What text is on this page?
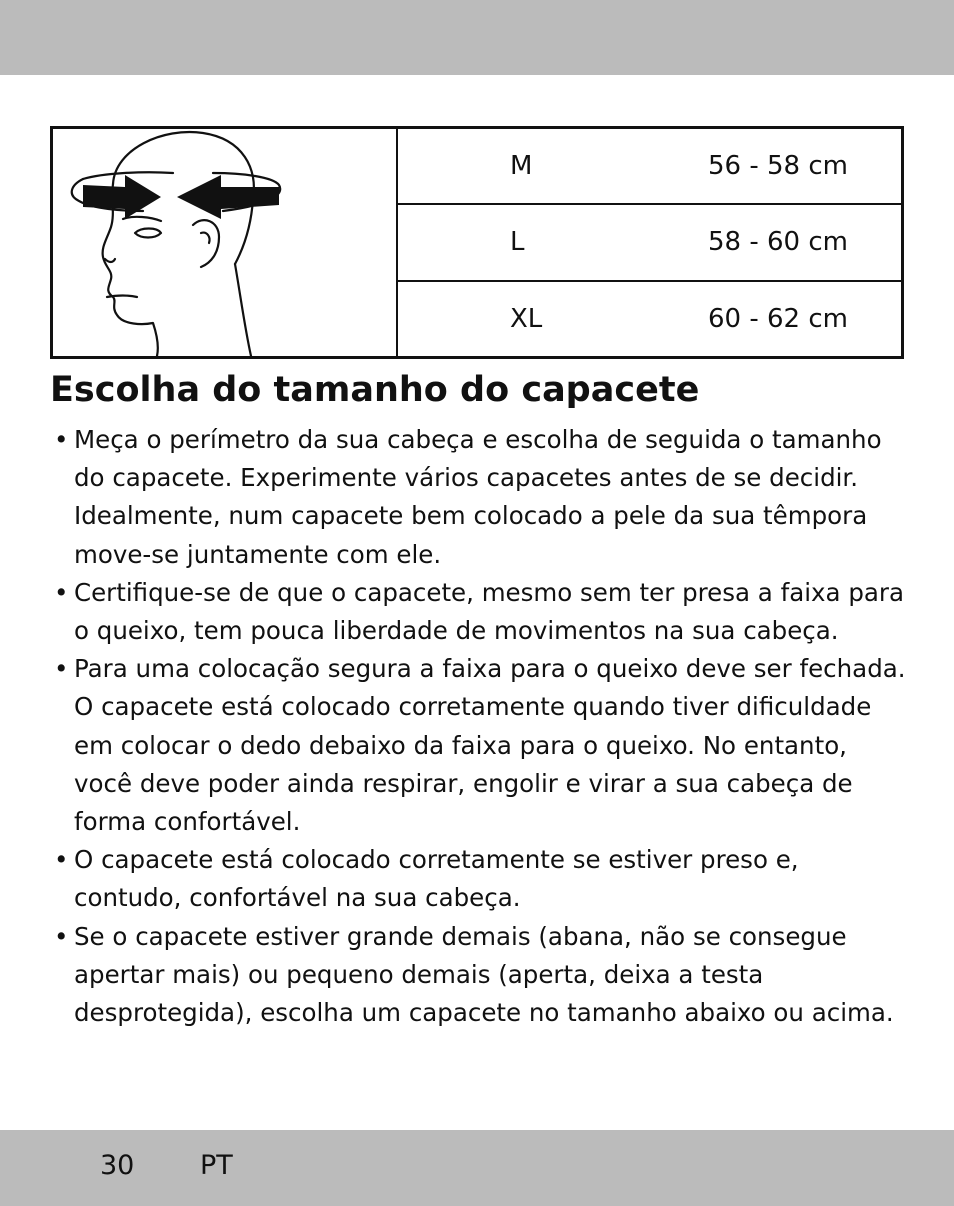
M	56 - 58 cm
L	58 - 60 cm
XL	60 - 62 cm
Escolha do tamanho do capacete
• Meça o perímetro da sua cabeça e escolha de seguida o tamanho do capacete. Experimente vários capacetes antes de se decidir. Idealmente, num capacete bem colocado a pele da sua têmpora move-se juntamente com ele.
• Certifique-se de que o capacete, mesmo sem ter presa a faixa para o queixo, tem pouca liberdade de movimentos na sua cabeça.
• Para uma colocação segura a faixa para o queixo deve ser fechada. O capacete está colocado corretamente quando tiver dificuldade em colocar o dedo debaixo da faixa para o queixo. No entanto, você deve poder ainda respirar, engolir e virar a sua cabeça de forma confortável.
• O capacete está colocado corretamente se estiver preso e, contudo, confortável na sua cabeça.
• Se o capacete estiver grande demais (abana, não se consegue apertar mais) ou pequeno demais (aperta, deixa a testa desprotegida), escolha um capacete no tamanho abaixo ou acima.
30 PT
